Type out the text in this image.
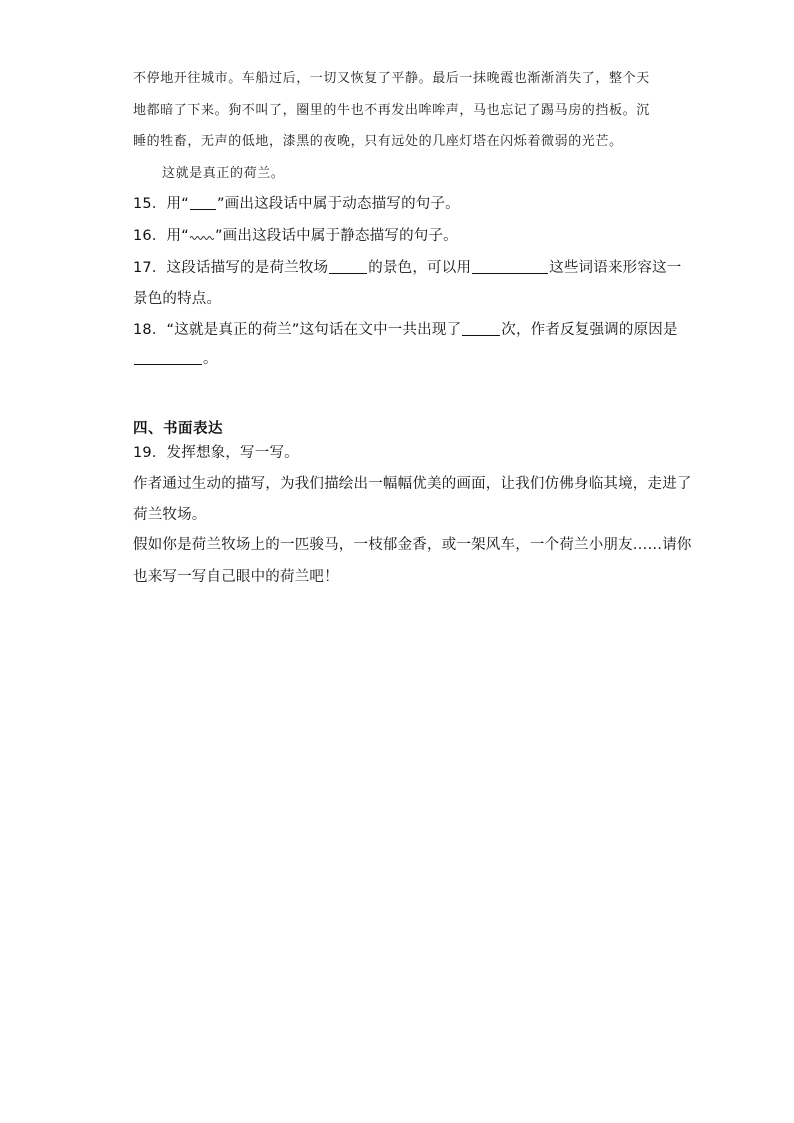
不停地开往城市。车船过后，一切又恢复了平静。最后一抹晚霞也渐渐消失了，整个天
地都暗了下来。狗不叫了，圈里的牛也不再发出哞哞声，马也忘记了踢马房的挡板。沉
睡的牲畜，无声的低地，漆黑的夜晚，只有远处的几座灯塔在闪烁着微弱的光芒。
这就是真正的荷兰。
15．用“ ”画出这段话中属于动态描写的句子。
16．用“ ”画出这段话中属于静态描写的句子。
17．这段话描写的是荷兰牧场	的景色，可以用	这些词语来形容这一
景色的特点。
18．“这就是真正的荷兰”这句话在文中一共出现了	次，作者反复强调的原因是
。
四、书面表达
19．发挥想象，写一写。
作者通过生动的描写，为我们描绘出一幅幅优美的画面，让我们仿佛身临其境，走进了
荷兰牧场。
假如你是荷兰牧场上的一匹骏马，一枝郁金香，或一架风车，一个荷兰小朋友……请你
也来写一写自己眼中的荷兰吧！
